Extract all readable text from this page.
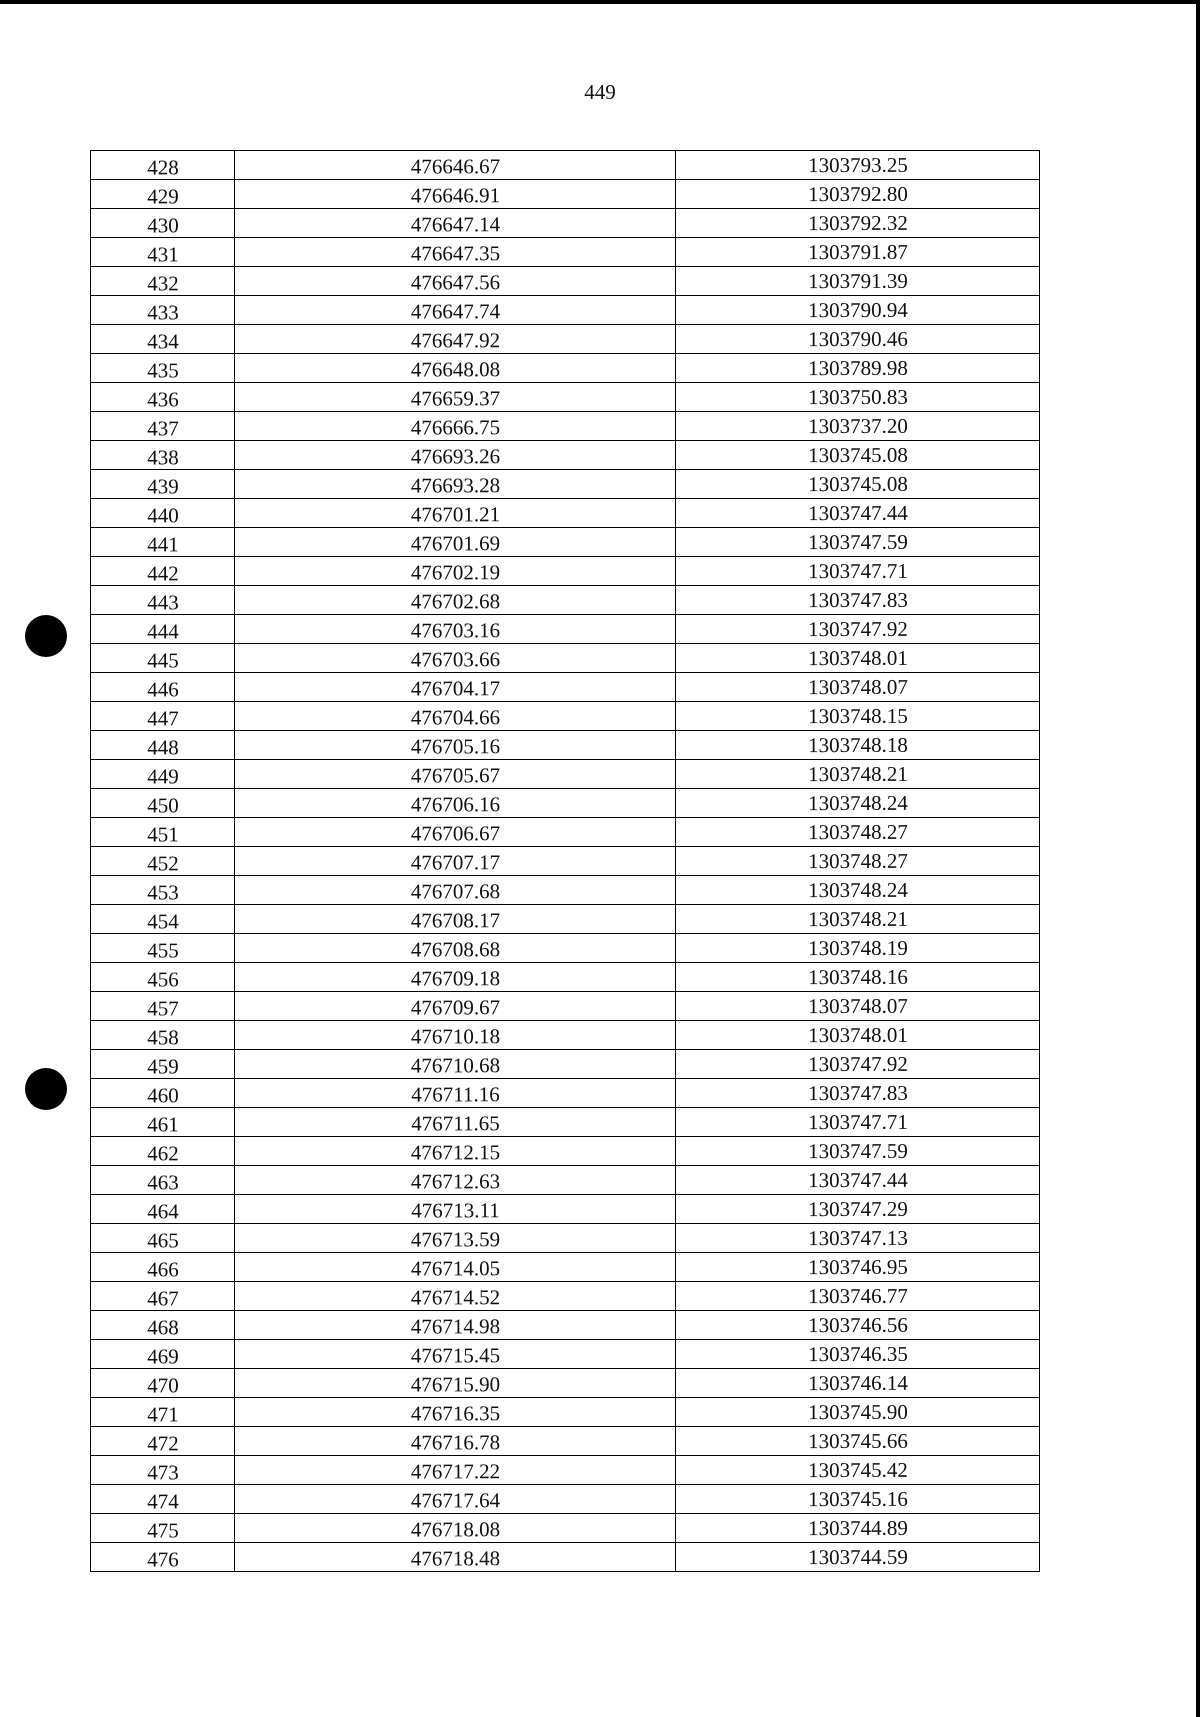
449
428	476646.67	1303793.25
429	476646.91	1303792.80
430	476647.14	1303792.32
431	476647.35	1303791.87
432	476647.56	1303791.39
433	476647.74	1303790.94
434	476647.92	1303790.46
435	476648.08	1303789.98
436	476659.37	1303750.83
437	476666.75	1303737.20
438	476693.26	1303745.08
439	476693.28	1303745.08
440	476701.21	1303747.44
441	476701.69	1303747.59
442	476702.19	1303747.71
443	476702.68	1303747.83
444	476703.16	1303747.92
445	476703.66	1303748.01
446	476704.17	1303748.07
447	476704.66	1303748.15
448	476705.16	1303748.18
449	476705.67	1303748.21
450	476706.16	1303748.24
451	476706.67	1303748.27
452	476707.17	1303748.27
453	476707.68	1303748.24
454	476708.17	1303748.21
455	476708.68	1303748.19
456	476709.18	1303748.16
457	476709.67	1303748.07
458	476710.18	1303748.01
459	476710.68	1303747.92
460	476711.16	1303747.83
461	476711.65	1303747.71
462	476712.15	1303747.59
463	476712.63	1303747.44
464	476713.11	1303747.29
465	476713.59	1303747.13
466	476714.05	1303746.95
467	476714.52	1303746.77
468	476714.98	1303746.56
469	476715.45	1303746.35
470	476715.90	1303746.14
471	476716.35	1303745.90
472	476716.78	1303745.66
473	476717.22	1303745.42
474	476717.64	1303745.16
475	476718.08	1303744.89
476	476718.48	1303744.59
